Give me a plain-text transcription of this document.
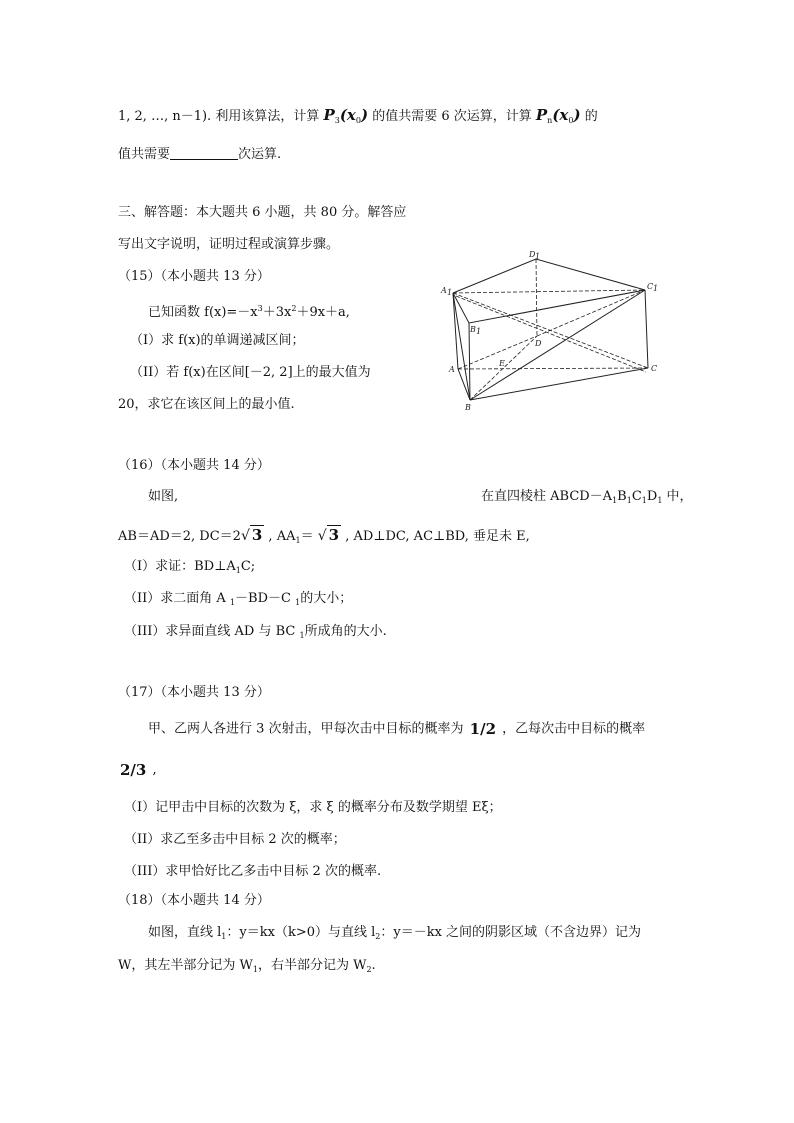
1, 2, …, n－1). 利用该算法，计算 $P_3(x_0)$ 的值共需要 6 次运算，计算 $P_n(x_0)$ 的
值共需要	次运算.
三、解答题：本大题共 6 小题，共 80 分。解答应
写出文字说明，证明过程或演算步骤。
（15）（本小题共 13 分）
已知函数 $f(x)=-x^3+3x^2+9x+a$,
（I）求 f(x)的单调递减区间；
（II）若 f(x)在区间[－2, 2]上的最大值为
20，求它在该区间上的最小值.
（16）（本小题共 14 分）
如图,	在直四棱柱 $ABCD-A_1B_1C_1D_1$ 中，
AB＝AD＝2, DC＝2√ 3 , $AA_1=$ √ 3 , AD⊥DC, AC⊥BD, 垂足未 E,
（I）求证：$BD\perp A_1C$;
（II）求二面角 A $_1$－BD－C $_1$的大小；
（III）求异面直线 AD 与 BC $_1$所成角的大小.
（17）（本小题共 13 分）
甲、乙两人各进行 3 次射击，甲每次击中目标的概率为 1/2 ，乙每次击中目标的概率
2/3 ,
（I）记甲击中目标的次数为 ξ，求 ξ 的概率分布及数学期望 Eξ；
（II）求乙至多击中目标 2 次的概率；
（III）求甲恰好比乙多击中目标 2 次的概率.
（18）（本小题共 14 分）
如图，直线 $l_1$：y＝kx（k>0）与直线 $l_2$：y＝－kx 之间的阴影区域（不含边界）记为
W，其左半部分记为 $W_1$，右半部分记为 $W_2$.
D 1
A 1
C 1
B 1
D
A
E
C
B
